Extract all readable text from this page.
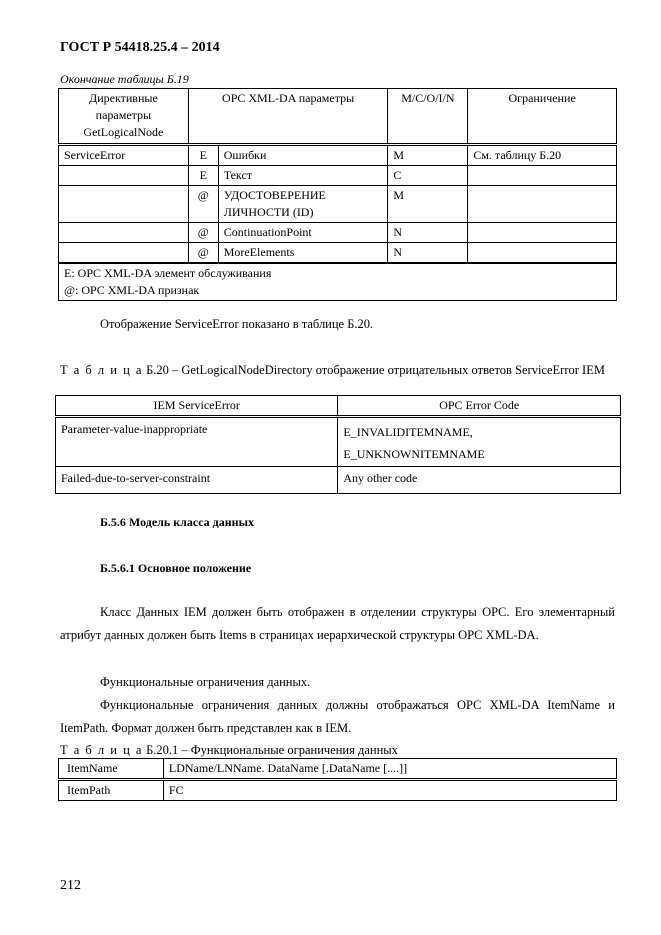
ГОСТ Р 54418.25.4 – 2014
Окончание таблицы Б.19
Директивные параметры GetLogicalNode	OPC XML-DA параметры	M/C/O/I/N	Ограничение
ServiceError	E	Ошибки	M	См. таблицу Б.20
	E	Текст	C	
	@	УДОСТОВЕРЕНИЕ ЛИЧНОСТИ (ID)	M	
	@	ContinuationPoint	N	
	@	MoreElements	N	

E: OPC XML-DA элемент обслуживания
@: OPC XML-DA признак

Отображение ServiceError показано в таблице Б.20.

Т а б л и ц а Б.20 – GetLogicalNodeDirectory отображение отрицательных ответов ServiceError IEM
IEM ServiceError	OPC Error Code
Parameter-value-inappropriate	E_INVALIDITEMNAME,
E_UNKNOWNITEMNAME

Failed-due-to-server-constraint	Any other code
Б.5.6 Модель класса данных
Б.5.6.1 Основное положение

Класс Данных IEM должен быть отображен в отделении структуры OPC. Его элементарный атрибут данных должен быть Items в страницах иерархической структуры OPC XML-DA.

Функциональные ограничения данных.

Функциональные ограничения данных должны отображаться OPC XML-DA ItemName и ItemPath. Формат должен быть представлен как в IEM.

Т а б л и ц а Б.20.1 – Функциональные ограничения данных
ItemName	LDName/LNName. DataName [.DataName [....]]
ItemPath	FC
212
